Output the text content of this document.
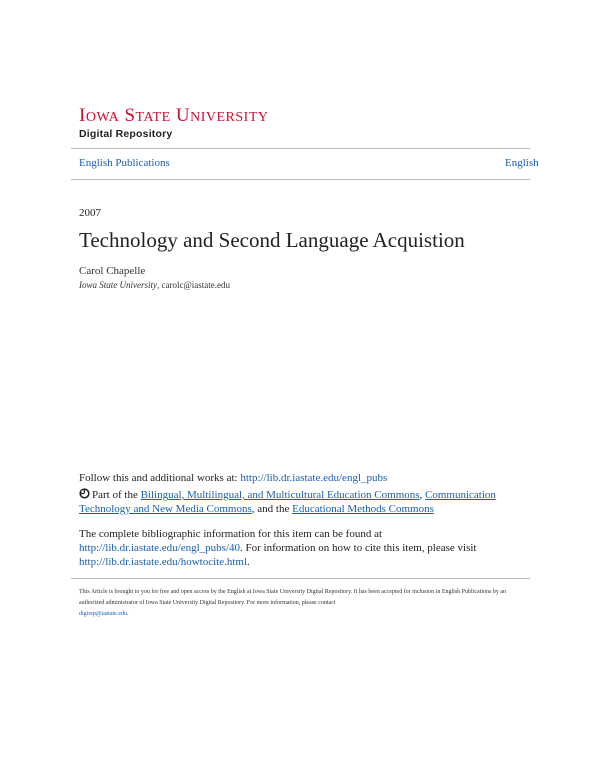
IOWA STATE UNIVERSITY
Digital Repository
English Publications	English
2007
Technology and Second Language Acquistion
Carol Chapelle
Iowa State University, carolc@iastate.edu
Follow this and additional works at: http://lib.dr.iastate.edu/engl_pubs
Part of the Bilingual, Multilingual, and Multicultural Education Commons, Communication Technology and New Media Commons, and the Educational Methods Commons
The complete bibliographic information for this item can be found at http://lib.dr.iastate.edu/engl_pubs/40. For information on how to cite this item, please visit http://lib.dr.iastate.edu/howtocite.html.
This Article is brought to you for free and open access by the English at Iowa State University Digital Repository. It has been accepted for inclusion in English Publications by an authorized administrator of Iowa State University Digital Repository. For more information, please contact
digirep@iastate.edu.
